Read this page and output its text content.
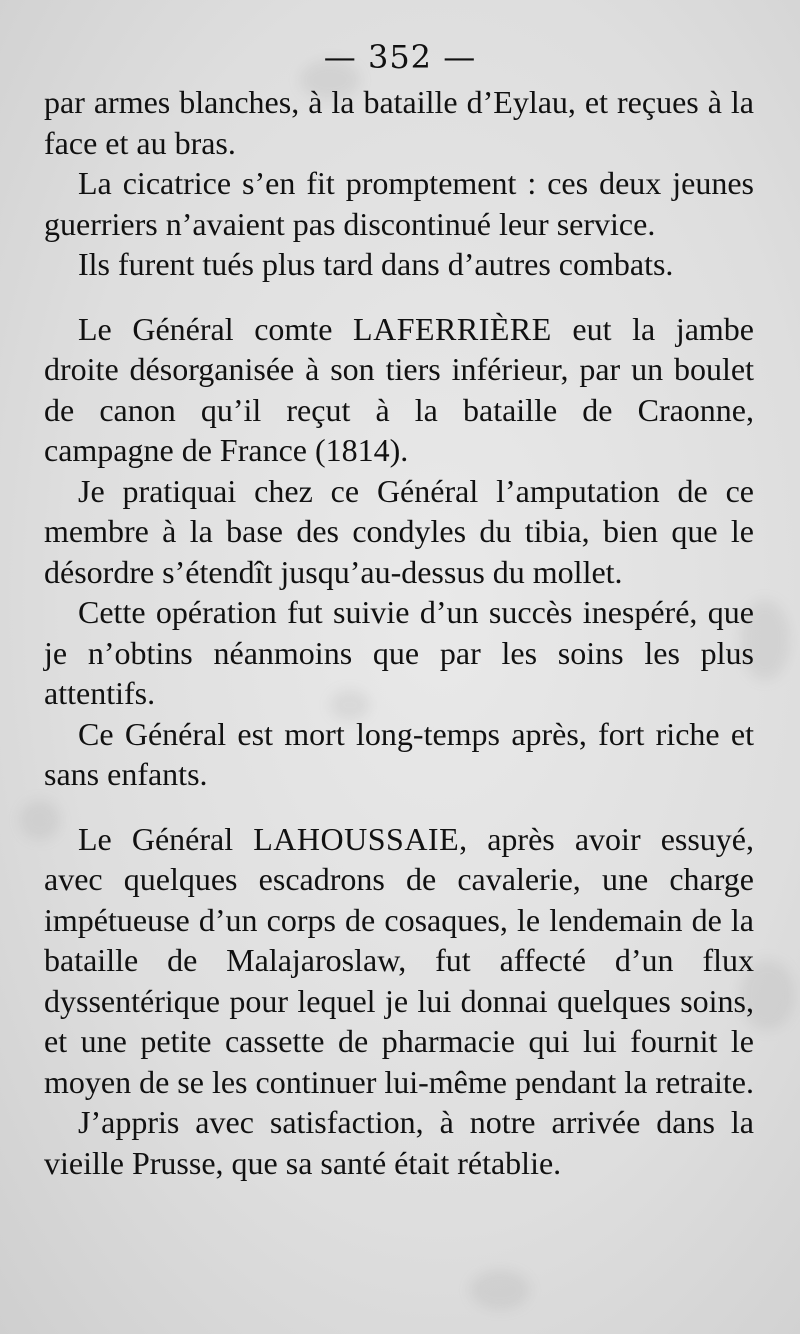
— 352 —

par armes blanches, à la bataille d’Eylau, et reçues à la face et au bras.

La cicatrice s’en fit promptement : ces deux jeunes guerriers n’avaient pas discontinué leur service.

Ils furent tués plus tard dans d’autres combats.

Le Général comte LAFERRIÈRE eut la jambe droite désorganisée à son tiers inférieur, par un boulet de canon qu’il reçut à la bataille de Craonne, campagne de France (1814).

Je pratiquai chez ce Général l’amputation de ce membre à la base des condyles du tibia, bien que le désordre s’étendît jusqu’au-dessus du mollet.

Cette opération fut suivie d’un succès inespéré, que je n’obtins néanmoins que par les soins les plus attentifs.

Ce Général est mort long-temps après, fort riche et sans enfants.

Le Général LAHOUSSAIE, après avoir essuyé, avec quelques escadrons de cavalerie, une charge impétueuse d’un corps de cosaques, le lendemain de la bataille de Malajaroslaw, fut affecté d’un flux dyssentérique pour lequel je lui donnai quelques soins, et une petite cassette de pharmacie qui lui fournit le moyen de se les continuer lui-même pendant la retraite.

J’appris avec satisfaction, à notre arrivée dans la vieille Prusse, que sa santé était rétablie.
